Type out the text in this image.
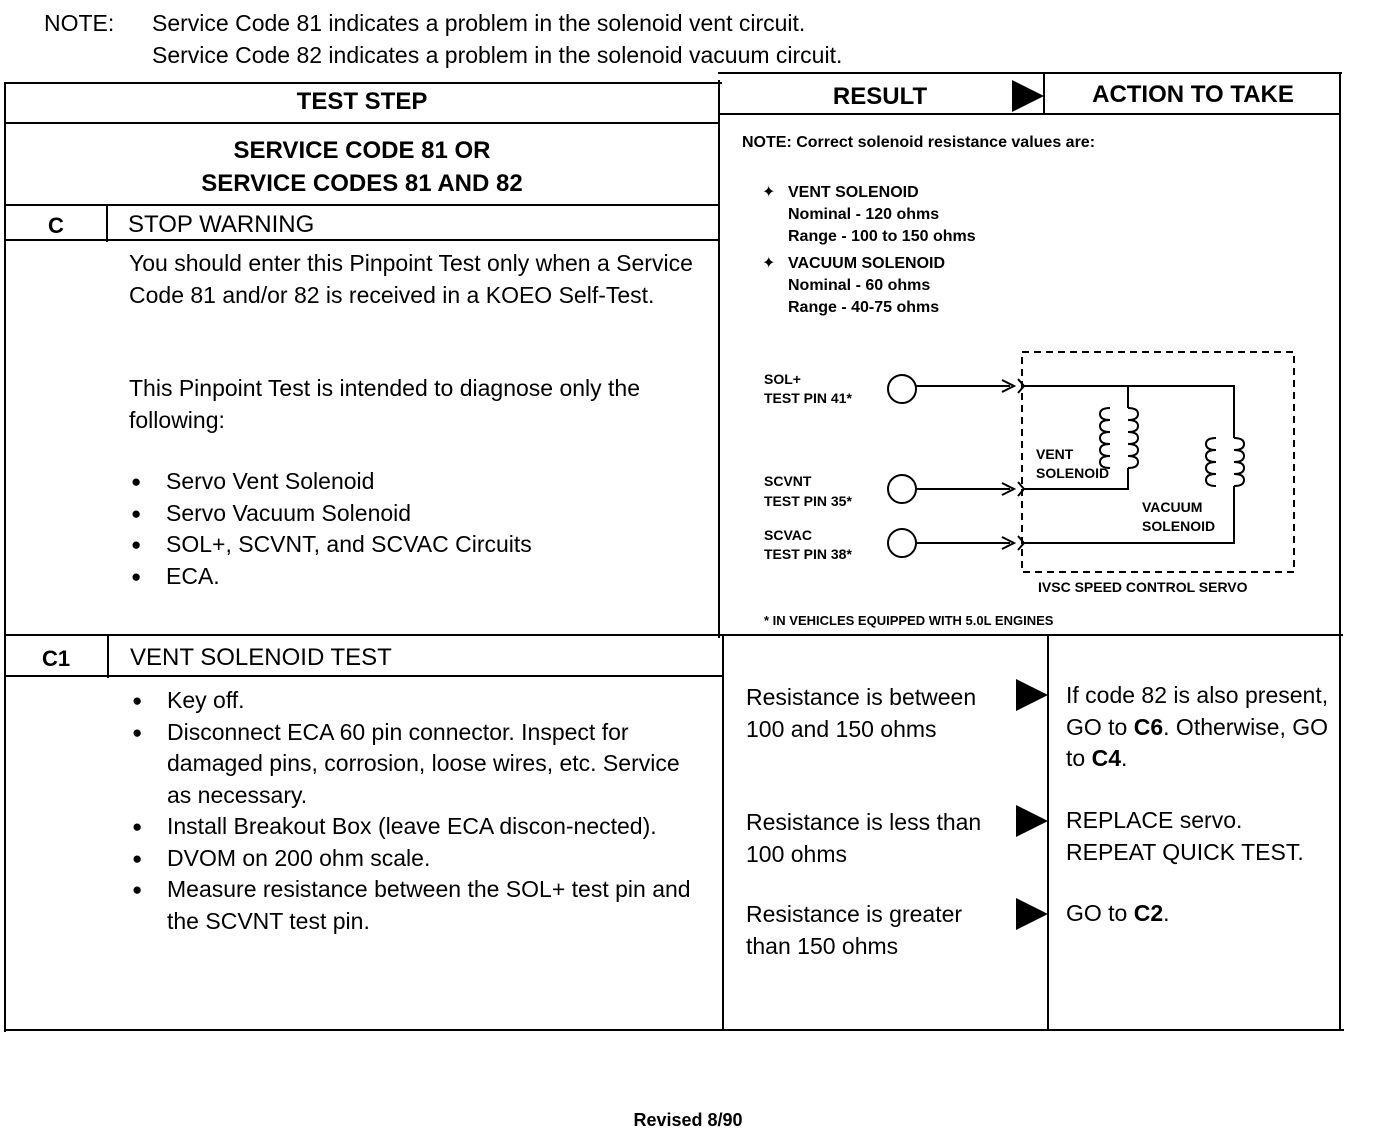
NOTE: Service Code 81 indicates a problem in the solenoid vent circuit.
Service Code 82 indicates a problem in the solenoid vacuum circuit.
TEST STEP	RESULT	ACTION TO TAKE
SERVICE CODE 81 OR
SERVICE CODES 81 AND 82
C	STOP WARNING
You should enter this Pinpoint Test only when a Service Code 81 and/or 82 is received in a KOEO Self-Test.
This Pinpoint Test is intended to diagnose only the following:
● Servo Vent Solenoid
● Servo Vacuum Solenoid
● SOL+, SCVNT, and SCVAC Circuits
● ECA.
NOTE: Correct solenoid resistance values are:
✦ VENT SOLENOID
Nominal - 120 ohms
Range - 100 to 150 ohms
✦ VACUUM SOLENOID
Nominal - 60 ohms
Range - 40-75 ohms
SOL+
TEST PIN 41*
SCVNT
TEST PIN 35*
SCVAC
TEST PIN 38*
VENT
SOLENOID
VACUUM
SOLENOID
IVSC SPEED CONTROL SERVO
* IN VEHICLES EQUIPPED WITH 5.0L ENGINES
C1	VENT SOLENOID TEST
● Key off.
● Disconnect ECA 60 pin connector. Inspect for damaged pins, corrosion, loose wires, etc. Service as necessary.
● Install Breakout Box (leave ECA discon-nected).
● DVOM on 200 ohm scale.
● Measure resistance between the SOL+ test pin and the SCVNT test pin.
Resistance is between 100 and 150 ohms
If code 82 is also present, GO to C6. Otherwise, GO to C4.
Resistance is less than 100 ohms
REPLACE servo. REPEAT QUICK TEST.
Resistance is greater than 150 ohms
GO to C2.
Revised 8/90
